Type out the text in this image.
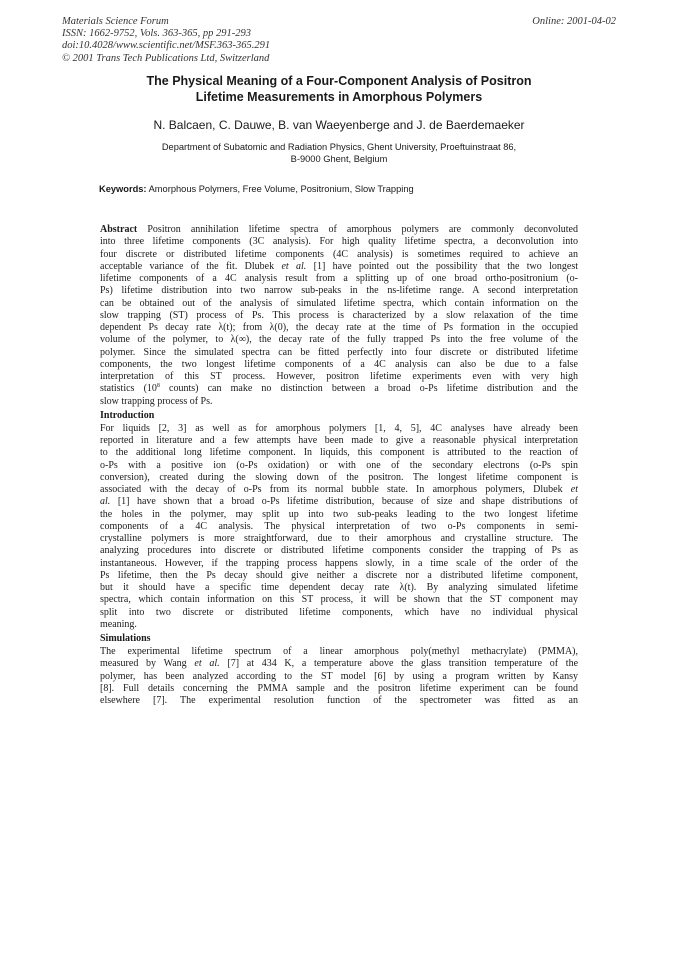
Materials Science Forum
ISSN: 1662-9752, Vols. 363-365, pp 291-293
doi:10.4028/www.scientific.net/MSF.363-365.291
© 2001 Trans Tech Publications Ltd, Switzerland
Online: 2001-04-02
The Physical Meaning of a Four-Component Analysis of Positron
Lifetime Measurements in Amorphous Polymers
N. Balcaen, C. Dauwe, B. van Waeyenberge and J. de Baerdemaeker
Department of Subatomic and Radiation Physics, Ghent University, Proeftuinstraat 86,
B-9000 Ghent, Belgium
Keywords: Amorphous Polymers, Free Volume, Positronium, Slow Trapping
Abstract Positron annihilation lifetime spectra of amorphous polymers are commonly deconvoluted
into three lifetime components (3C analysis). For high quality lifetime spectra, a deconvolution into
four discrete or distributed lifetime components (4C analysis) is sometimes required to achieve an
acceptable variance of the fit. Dlubek et al. [1] have pointed out the possibility that the two longest
lifetime components of a 4C analysis result from a splitting up of one broad ortho-positronium (o-
Ps) lifetime distribution into two narrow sub-peaks in the ns-lifetime range. A second interpretation
can be obtained out of the analysis of simulated lifetime spectra, which contain information on the
slow trapping (ST) process of Ps. This process is characterized by a slow relaxation of the time
dependent Ps decay rate λ(t); from λ(0), the decay rate at the time of Ps formation in the occupied
volume of the polymer, to λ(∞), the decay rate of the fully trapped Ps into the free volume of the
polymer. Since the simulated spectra can be fitted perfectly into four discrete or distributed lifetime
components, the two longest lifetime components of a 4C analysis can also be due to a false
interpretation of this ST process. However, positron lifetime experiments even with very high
statistics ($10^8$ counts) can make no distinction between a broad o-Ps lifetime distribution and the
slow trapping process of Ps.
Introduction
For liquids [2, 3] as well as for amorphous polymers [1, 4, 5], 4C analyses have already been
reported in literature and a few attempts have been made to give a reasonable physical interpretation
to the additional long lifetime component. In liquids, this component is attributed to the reaction of
o-Ps with a positive ion (o-Ps oxidation) or with one of the secondary electrons (o-Ps spin
conversion), created during the slowing down of the positron. The longest lifetime component is
associated with the decay of o-Ps from its normal bubble state. In amorphous polymers, Dlubek et
al. [1] have shown that a broad o-Ps lifetime distribution, because of size and shape distributions of
the holes in the polymer, may split up into two sub-peaks leading to the two longest lifetime
components of a 4C analysis. The physical interpretation of two o-Ps components in semi-
crystalline polymers is more straightforward, due to their amorphous and crystalline structure. The
analyzing procedures into discrete or distributed lifetime components consider the trapping of Ps as
instantaneous. However, if the trapping process happens slowly, in a time scale of the order of the
Ps lifetime, then the Ps decay should give neither a discrete nor a distributed lifetime component,
but it should have a specific time dependent decay rate λ(t). By analyzing simulated lifetime
spectra, which contain information on this ST process, it will be shown that the ST component may
split into two discrete or distributed lifetime components, which have no individual physical
meaning.
Simulations
The experimental lifetime spectrum of a linear amorphous poly(methyl methacrylate) (PMMA),
measured by Wang et al. [7] at 434 K, a temperature above the glass transition temperature of the
polymer, has been analyzed according to the ST model [6] by using a program written by Kansy
[8]. Full details concerning the PMMA sample and the positron lifetime experiment can be found
elsewhere [7]. The experimental resolution function of the spectrometer was fitted as an
